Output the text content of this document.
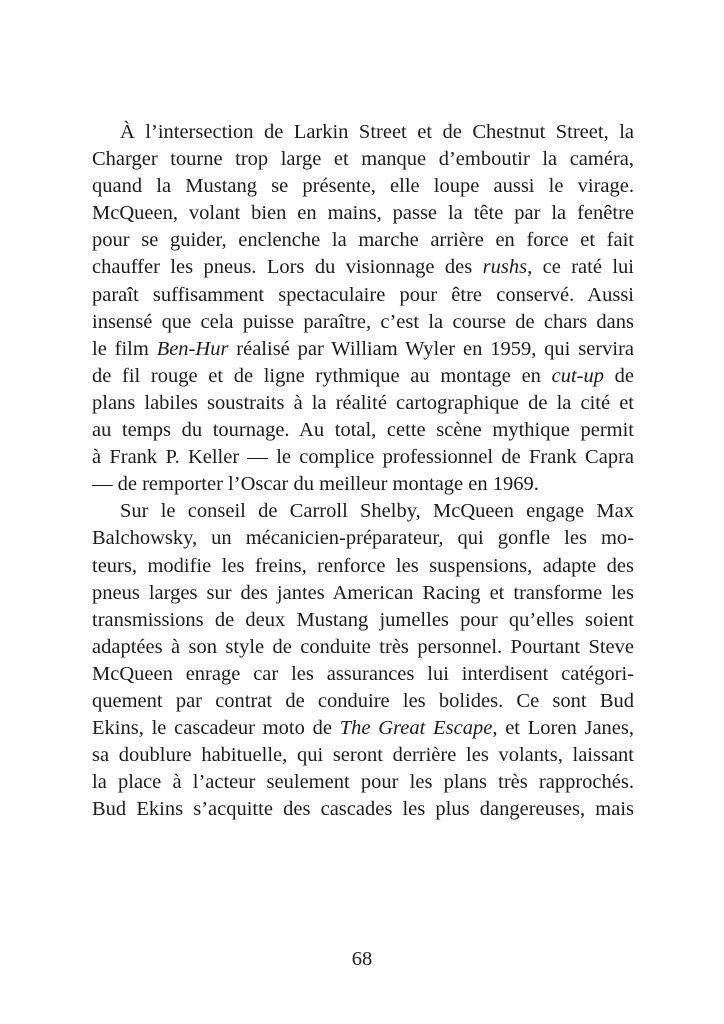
À l’intersection de Larkin Street et de Chestnut Street, la
Charger tourne trop large et manque d’emboutir la caméra,
quand la Mustang se présente, elle loupe aussi le virage.
McQueen, volant bien en mains, passe la tête par la fenêtre
pour se guider, enclenche la marche arrière en force et fait
chauffer les pneus. Lors du visionnage des rushs, ce raté lui
paraît suffisamment spectaculaire pour être conservé. Aussi
insensé que cela puisse paraître, c’est la course de chars dans
le film Ben-Hur réalisé par William Wyler en 1959, qui servira
de fil rouge et de ligne rythmique au montage en cut-up de
plans labiles soustraits à la réalité cartographique de la cité et
au temps du tournage. Au total, cette scène mythique permit
à Frank P. Keller — le complice professionnel de Frank Capra
— de remporter l’Oscar du meilleur montage en 1969.
Sur le conseil de Carroll Shelby, McQueen engage Max
Balchowsky, un mécanicien-préparateur, qui gonfle les mo-
teurs, modifie les freins, renforce les suspensions, adapte des
pneus larges sur des jantes American Racing et transforme les
transmissions de deux Mustang jumelles pour qu’elles soient
adaptées à son style de conduite très personnel. Pourtant Steve
McQueen enrage car les assurances lui interdisent catégori-
quement par contrat de conduire les bolides. Ce sont Bud
Ekins, le cascadeur moto de The Great Escape, et Loren Janes,
sa doublure habituelle, qui seront derrière les volants, laissant
la place à l’acteur seulement pour les plans très rapprochés.
Bud Ekins s’acquitte des cascades les plus dangereuses, mais
68
